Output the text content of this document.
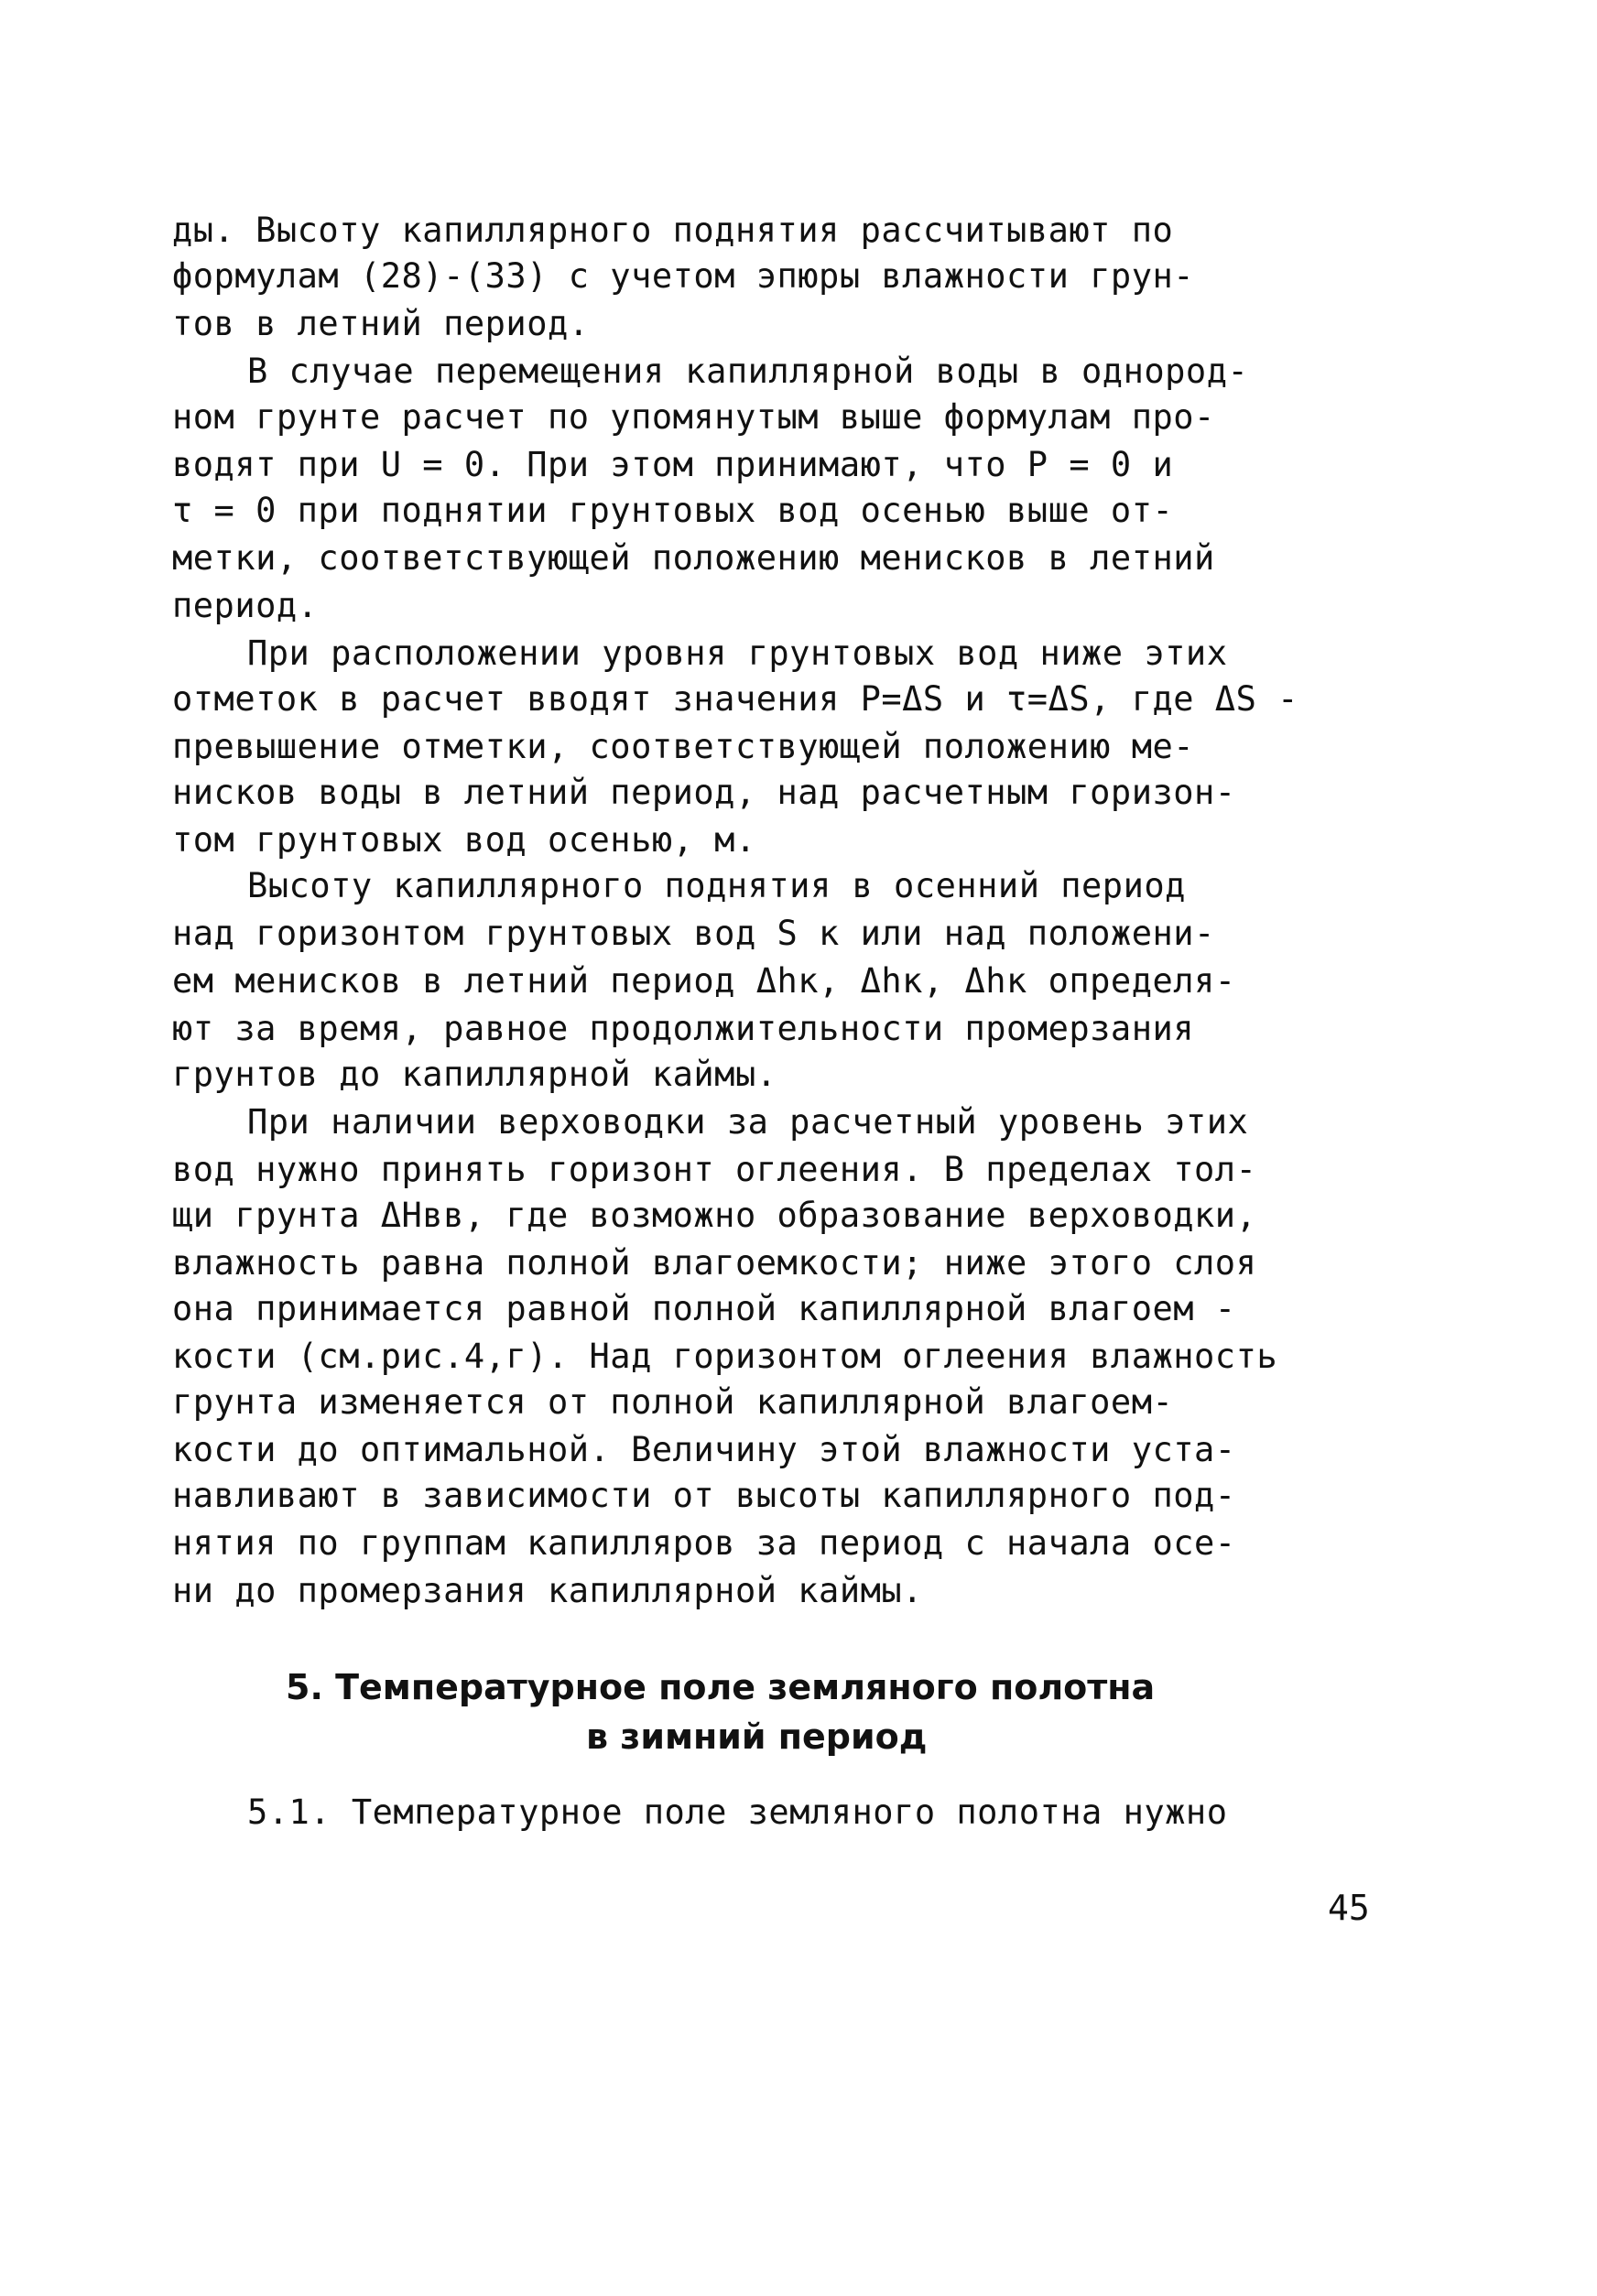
ды. Высоту капиллярного поднятия рассчитывают по
формулам (28)-(33) с учетом эпюры влажности грун-
тов в летний период.
В случае перемещения капиллярной воды в однород-
ном грунте расчет по упомянутым выше формулам про-
водят при U = 0. При этом принимают, что P = 0 и
τ = 0 при поднятии грунтовых вод осенью выше от-
метки, соответствующей положению менисков в летний
период.
При расположении уровня грунтовых вод ниже этих
отметок в расчет вводят значения P=ΔS и τ=ΔS, где ΔS -
превышение отметки, соответствующей положению ме-
нисков воды в летний период, над расчетным горизон-
том грунтовых вод осенью, м.
Высоту капиллярного поднятия в осенний период
над горизонтом грунтовых вод S к или над положени-
ем менисков в летний период Δhк, Δhк, Δhк определя-
ют за время, равное продолжительности промерзания
грунтов до капиллярной каймы.
При наличии верховодки за расчетный уровень этих
вод нужно принять горизонт оглеения. В пределах тол-
щи грунта ΔHвв, где возможно образование верховодки,
влажность равна полной влагоемкости; ниже этого слоя
она принимается равной полной капиллярной влагоем -
кости (см.рис.4,г). Над горизонтом оглеения влажность
грунта изменяется от полной капиллярной влагоем-
кости до оптимальной. Величину этой влажности уста-
навливают в зависимости от высоты капиллярного под-
нятия по группам капилляров за период с начала осе-
ни до промерзания капиллярной каймы.
5. Температурное поле земляного полотна
в зимний период
5.1. Температурное поле земляного полотна нужно
45
